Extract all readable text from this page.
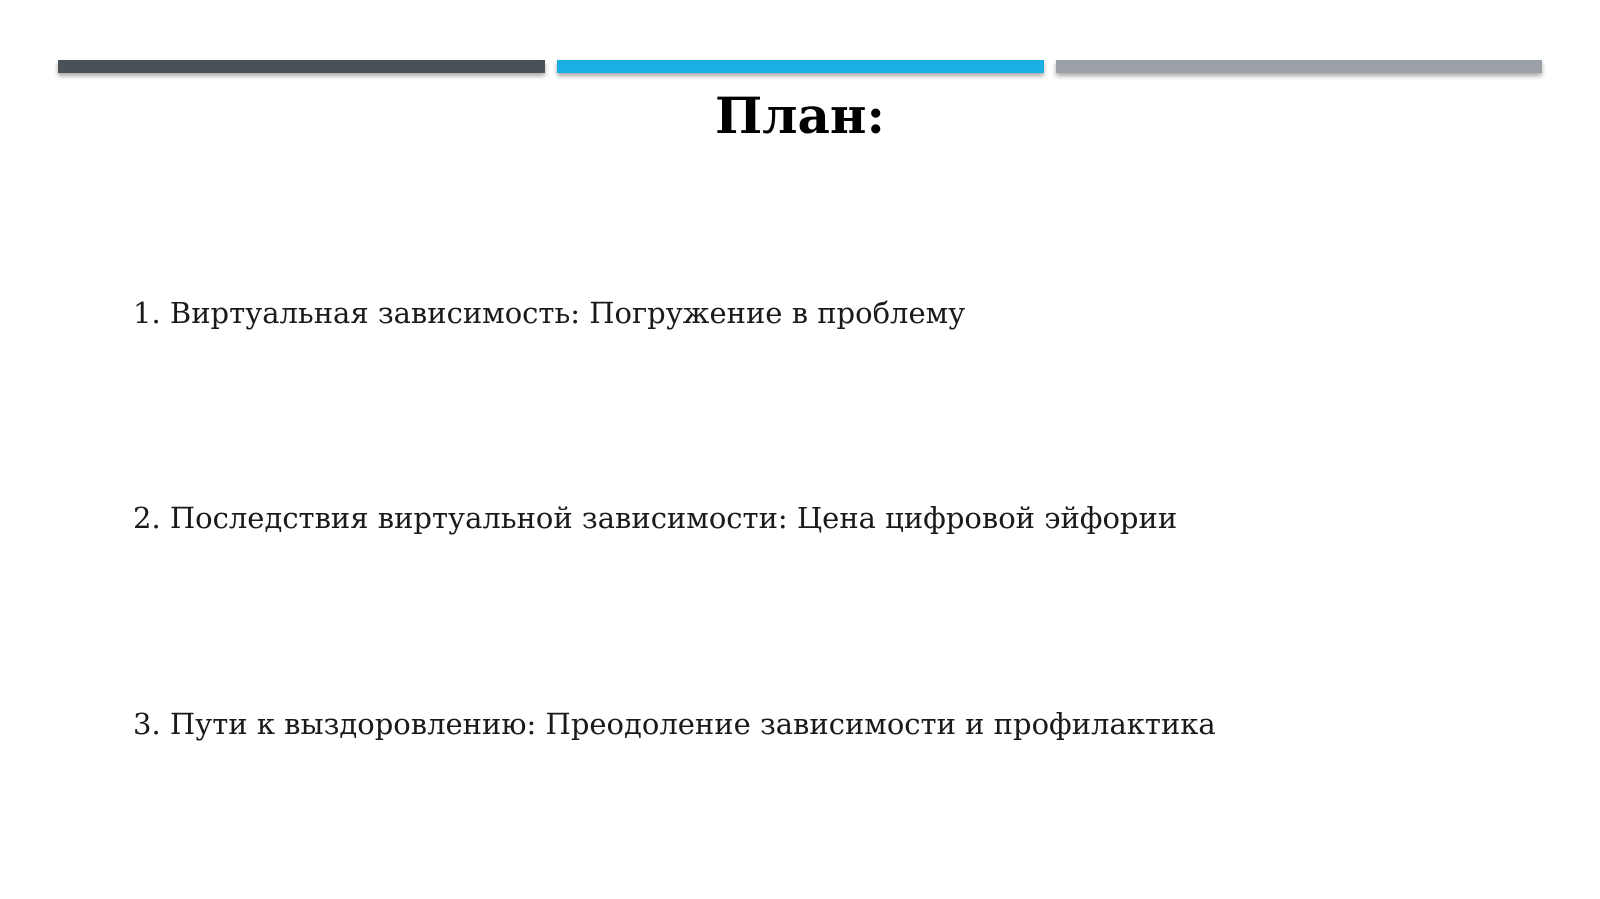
План:
1. Виртуальная зависимость: Погружение в проблему
2. Последствия виртуальной зависимости: Цена цифровой эйфории
3. Пути к выздоровлению: Преодоление зависимости и профилактика
